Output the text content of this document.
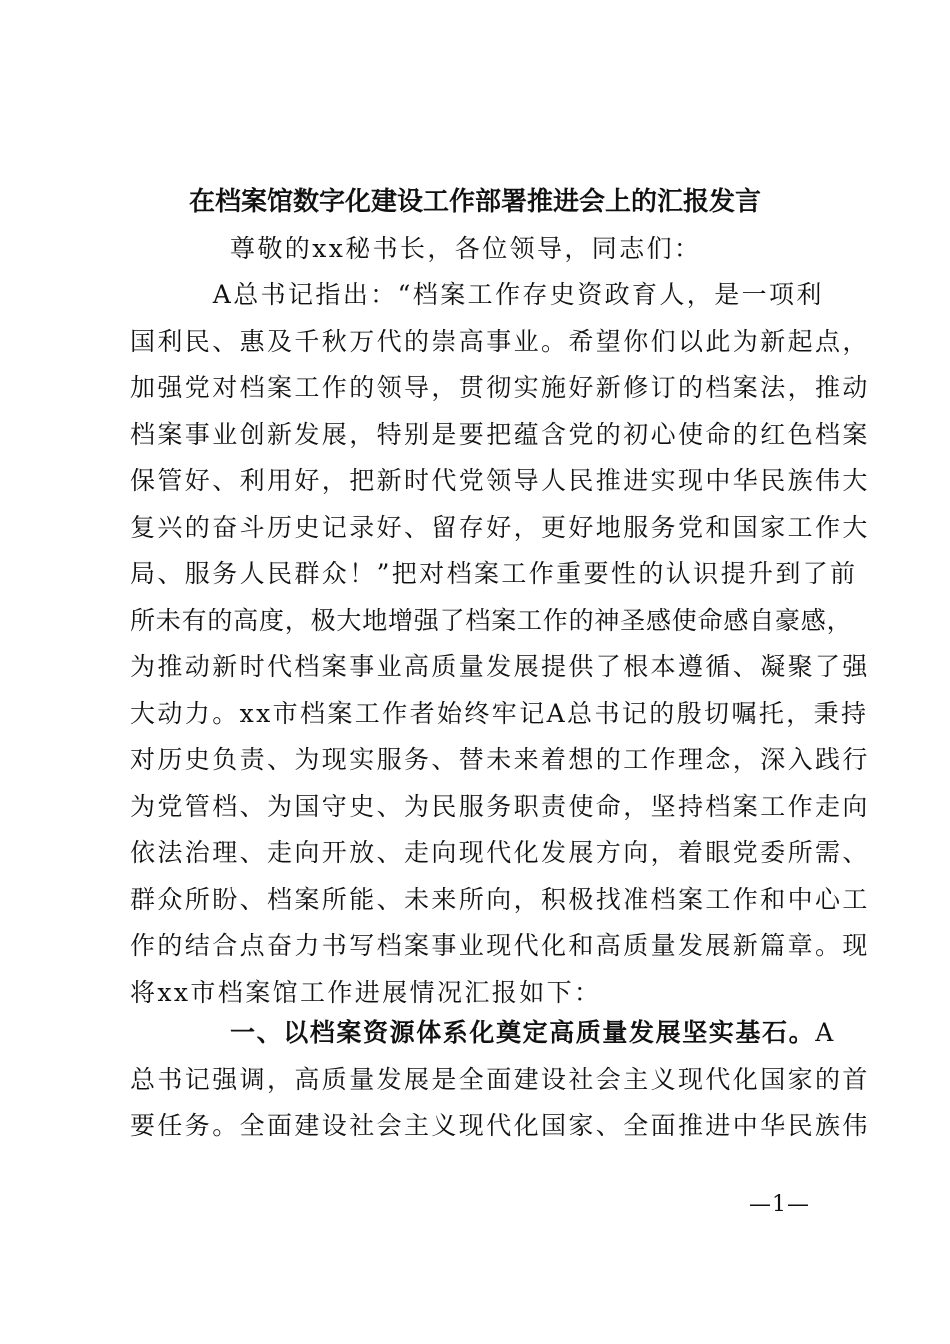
在档案馆数字化建设工作部署推进会上的汇报发言

尊敬的xx秘书长，各位领导，同志们：

A总书记指出：“档案工作存史资政育人，是一项利
国利民、惠及千秋万代的崇高事业。希望你们以此为新起点，
加强党对档案工作的领导，贯彻实施好新修订的档案法，推动
档案事业创新发展，特别是要把蕴含党的初心使命的红色档案
保管好、利用好，把新时代党领导人民推进实现中华民族伟大
复兴的奋斗历史记录好、留存好，更好地服务党和国家工作大
局、服务人民群众！”把对档案工作重要性的认识提升到了前
所未有的高度，极大地增强了档案工作的神圣感使命感自豪感，
为推动新时代档案事业高质量发展提供了根本遵循、凝聚了强
大动力。xx市档案工作者始终牢记A总书记的殷切嘱托，秉持
对历史负责、为现实服务、替未来着想的工作理念，深入践行
为党管档、为国守史、为民服务职责使命，坚持档案工作走向
依法治理、走向开放、走向现代化发展方向，着眼党委所需、
群众所盼、档案所能、未来所向，积极找准档案工作和中心工
作的结合点奋力书写档案事业现代化和高质量发展新篇章。现
将xx市档案馆工作进展情况汇报如下：
一、以档案资源体系化奠定高质量发展坚实基石。A
总书记强调，高质量发展是全面建设社会主义现代化国家的首
要任务。全面建设社会主义现代化国家、全面推进中华民族伟
—1—
